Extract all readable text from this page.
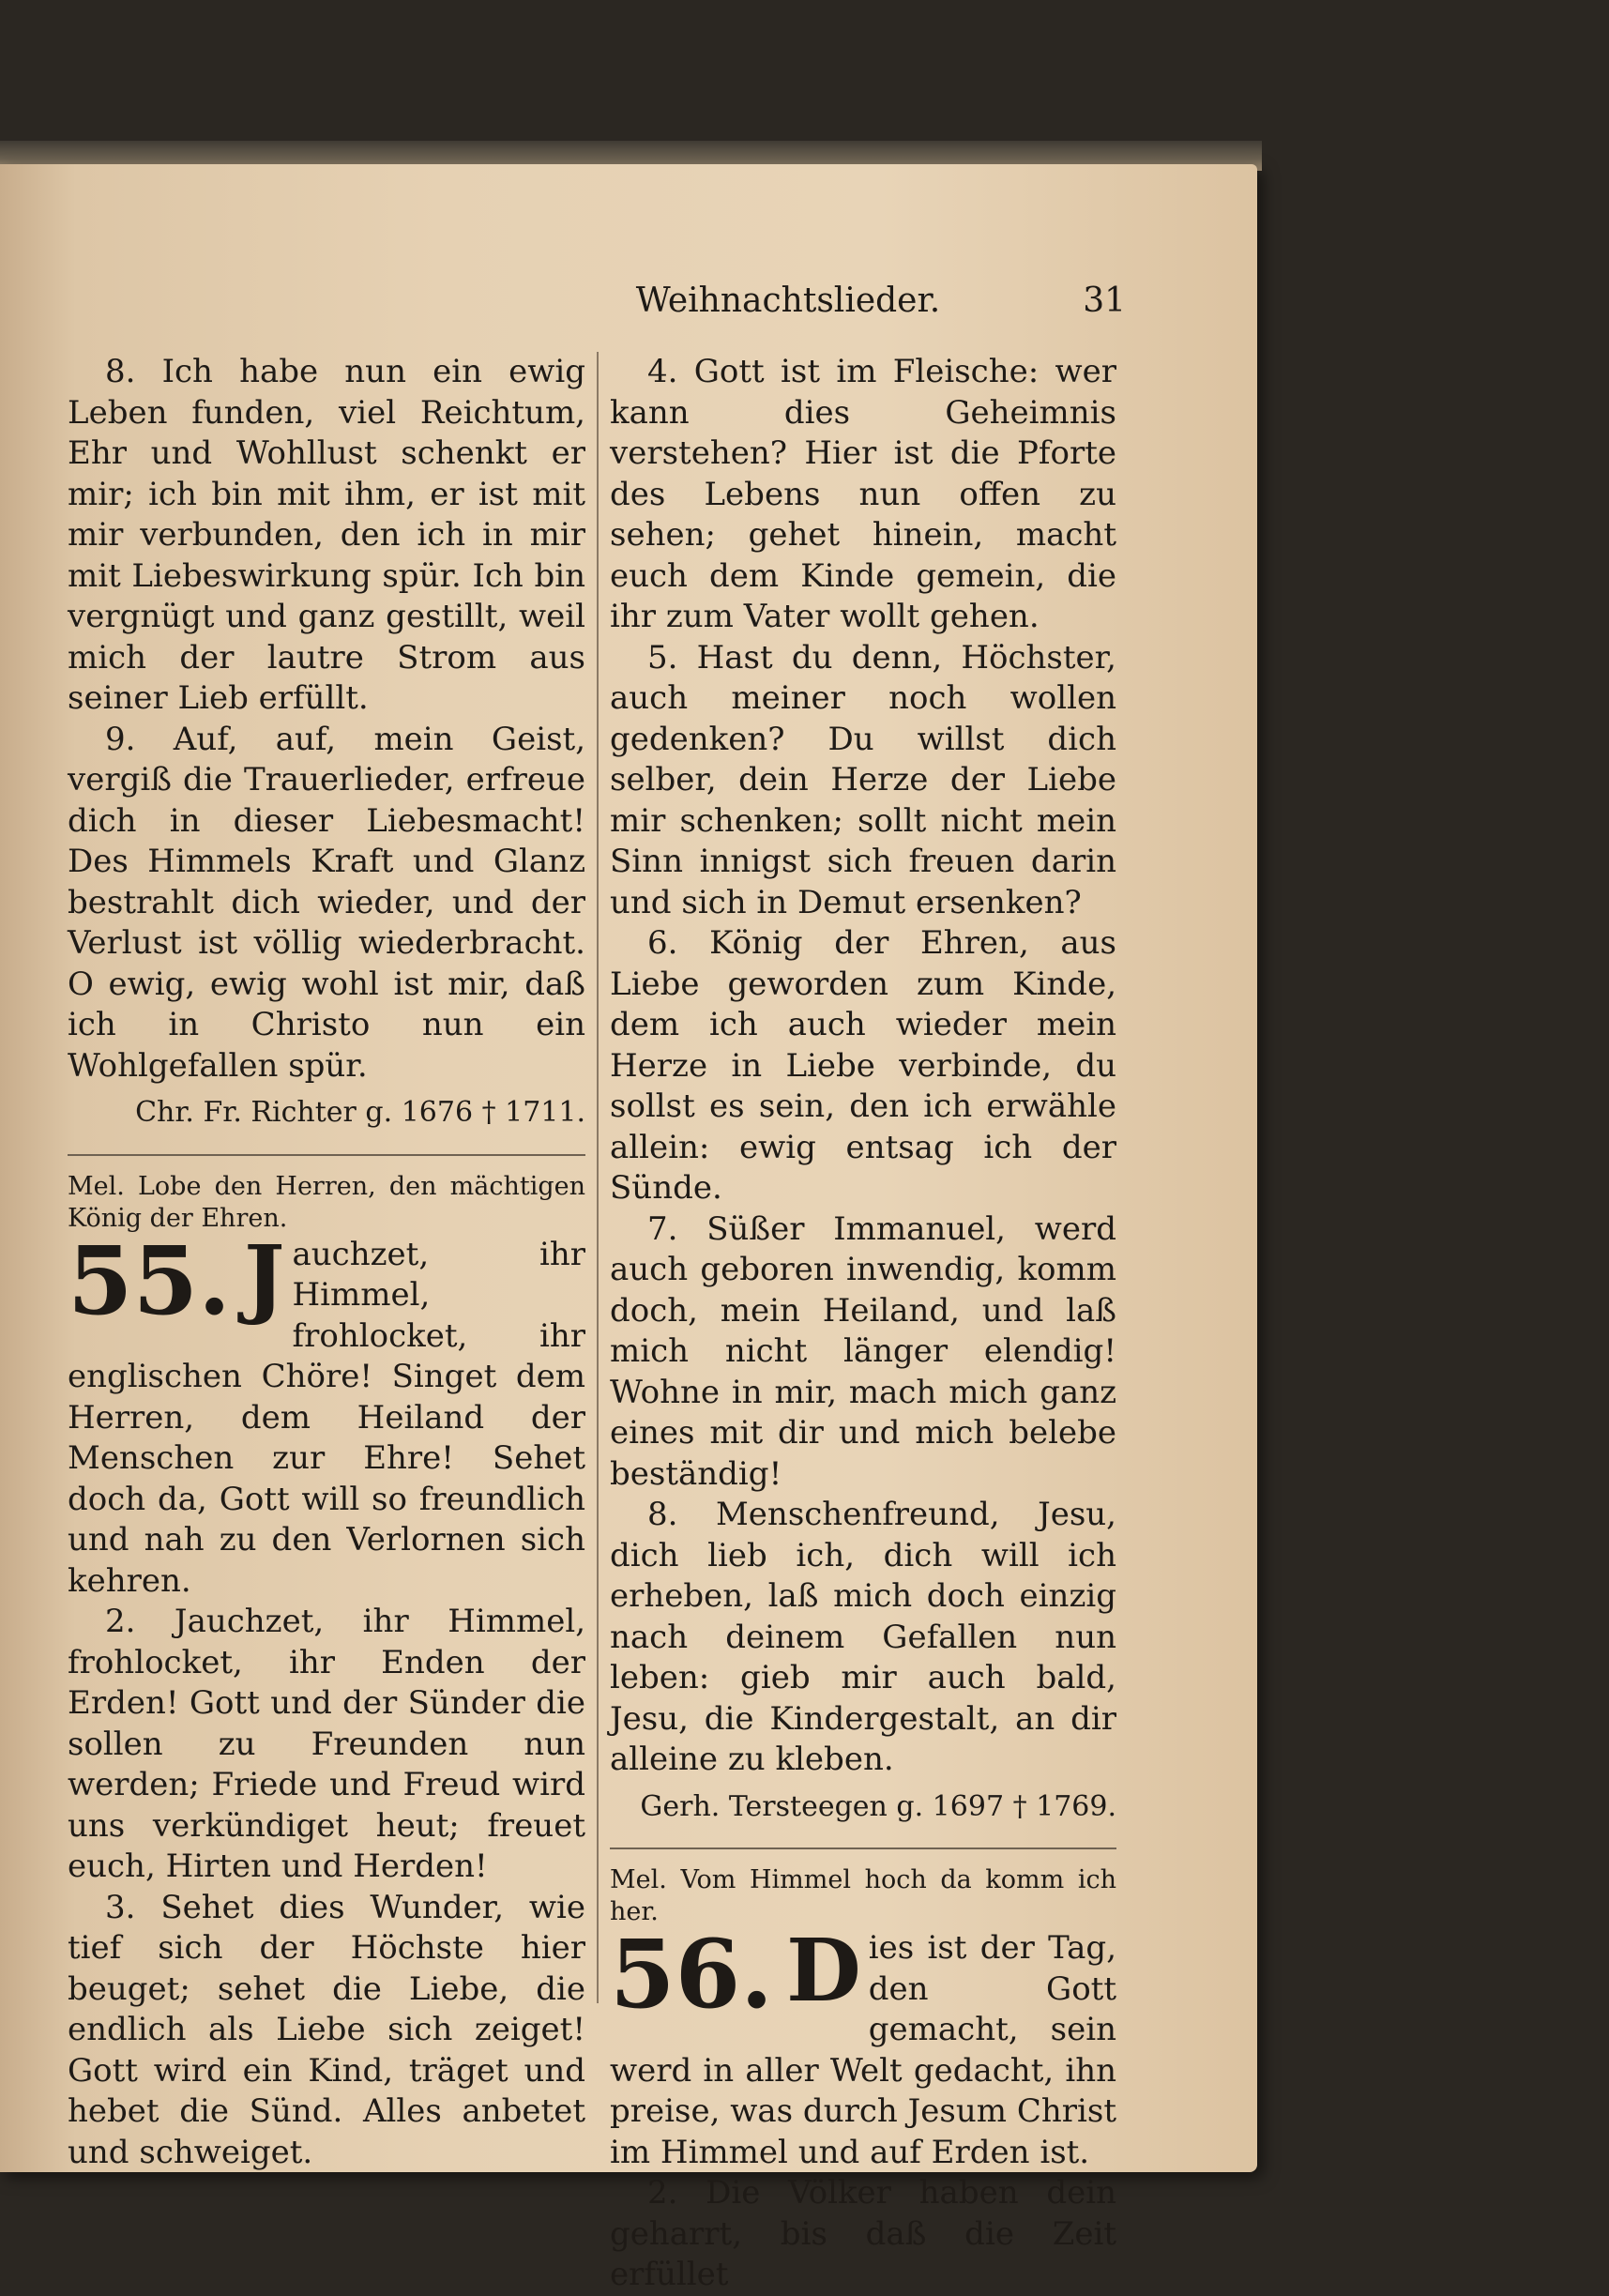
Weihnachtslieder.	31

8. Ich habe nun ein ewig Leben funden, viel Reichtum, Ehr und Wohllust schenkt er mir; ich bin mit ihm, er ist mit mir verbunden, den ich in mir mit Liebeswirkung spür. Ich bin vergnügt und ganz gestillt, weil mich der lautre Strom aus seiner Lieb erfüllt.

9. Auf, auf, mein Geist, vergiß die Trauerlieder, erfreue dich in dieser Liebesmacht! Des Himmels Kraft und Glanz bestrahlt dich wieder, und der Verlust ist völlig wiederbracht. O ewig, ewig wohl ist mir, daß ich in Christo nun ein Wohlgefallen spür.

Chr. Fr. Richter g. 1676 † 1711.

Mel. Lobe den Herren, den mächtigen König der Ehren.

55. J auchzet, ihr Himmel, frohlocket, ihr englischen Chöre! Singet dem Herren, dem Heiland der Menschen zur Ehre! Sehet doch da, Gott will so freundlich und nah zu den Verlornen sich kehren.

2. Jauchzet, ihr Himmel, frohlocket, ihr Enden der Erden! Gott und der Sünder die sollen zu Freunden nun werden; Friede und Freud wird uns verkündiget heut; freuet euch, Hirten und Herden!

3. Sehet dies Wunder, wie tief sich der Höchste hier beuget; sehet die Liebe, die endlich als Liebe sich zeiget! Gott wird ein Kind, träget und hebet die Sünd. Alles anbetet und schweiget.

4. Gott ist im Fleische: wer kann dies Geheimnis verstehen? Hier ist die Pforte des Lebens nun offen zu sehen; gehet hinein, macht euch dem Kinde gemein, die ihr zum Vater wollt gehen.

5. Hast du denn, Höchster, auch meiner noch wollen gedenken? Du willst dich selber, dein Herze der Liebe mir schenken; sollt nicht mein Sinn innigst sich freuen darin und sich in Demut ersenken?

6. König der Ehren, aus Liebe geworden zum Kinde, dem ich auch wieder mein Herze in Liebe verbinde, du sollst es sein, den ich erwähle allein: ewig entsag ich der Sünde.

7. Süßer Immanuel, werd auch geboren inwendig, komm doch, mein Heiland, und laß mich nicht länger elendig! Wohne in mir, mach mich ganz eines mit dir und mich belebe beständig!

8. Menschenfreund, Jesu, dich lieb ich, dich will ich erheben, laß mich doch einzig nach deinem Gefallen nun leben: gieb mir auch bald, Jesu, die Kindergestalt, an dir alleine zu kleben.

Gerh. Tersteegen g. 1697 † 1769.

Mel. Vom Himmel hoch da komm ich her.

56. D ies ist der Tag, den Gott gemacht, sein werd in aller Welt gedacht, ihn preise, was durch Jesum Christ im Himmel und auf Erden ist.

2. Die Völker haben dein geharrt, bis daß die Zeit erfüllet
